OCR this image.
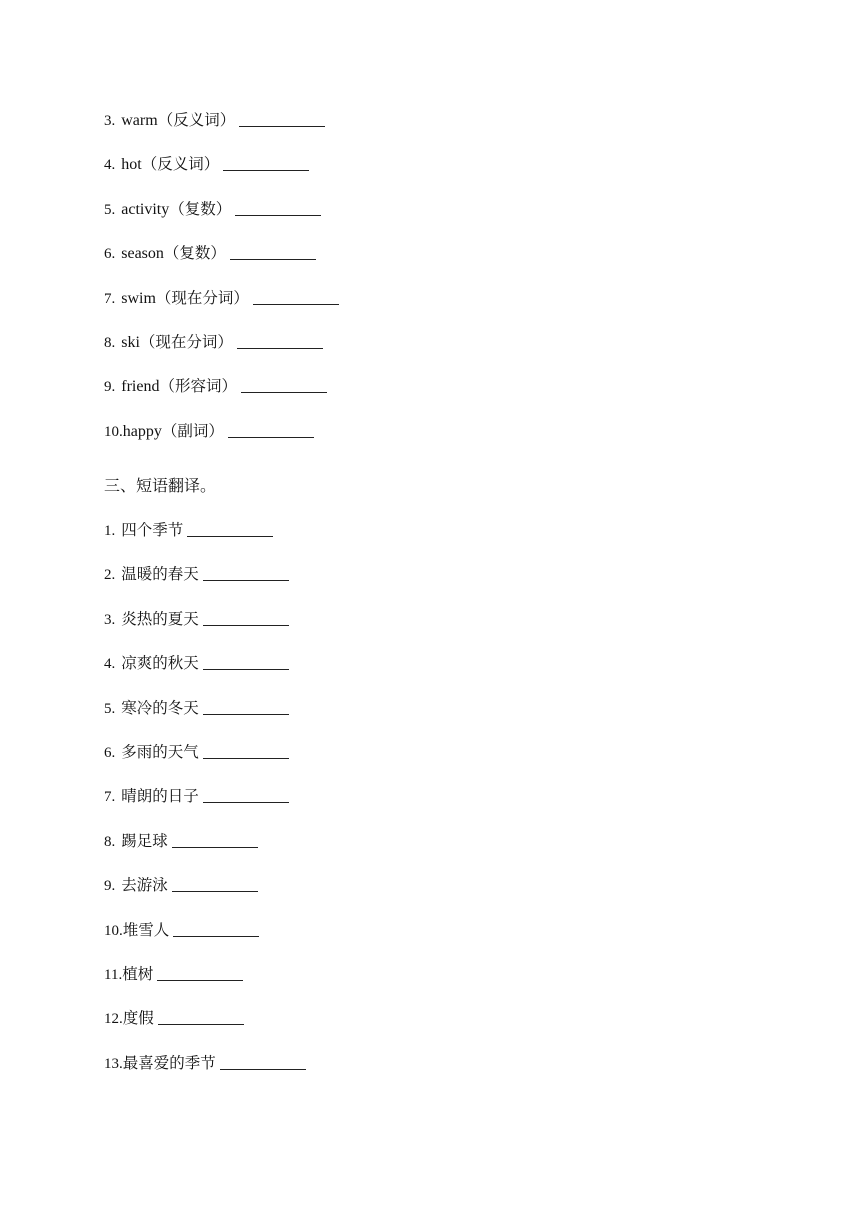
3. warm（反义词）
4. hot（反义词）
5. activity（复数）
6. season（复数）
7. swim（现在分词）
8. ski（现在分词）
9. friend（形容词）
10.happy（副词）
三、短语翻译。
1. 四个季节
2. 温暖的春天
3. 炎热的夏天
4. 凉爽的秋天
5. 寒冷的冬天
6. 多雨的天气
7. 晴朗的日子
8. 踢足球
9. 去游泳
10.堆雪人
11.植树
12.度假
13.最喜爱的季节
